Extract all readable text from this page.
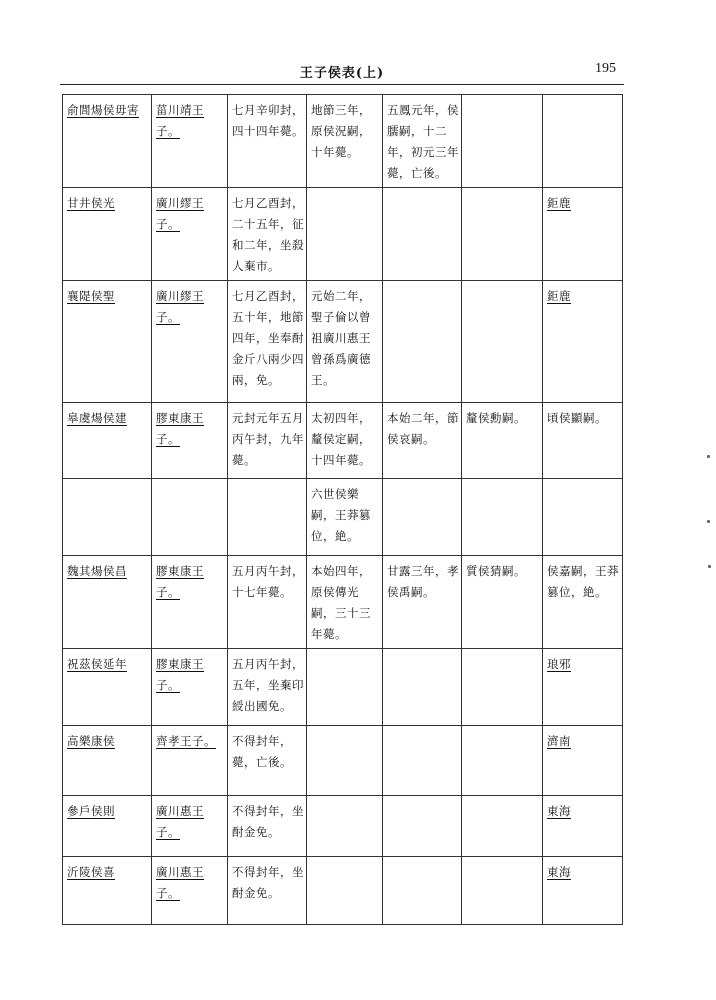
王子侯表(上)	195
俞閭煬侯毋害	菑川靖王子。	七月辛卯封，四十四年薨。	地節三年，原侯況嗣，十年薨。	五鳳元年，侯臑嗣，十二年，初元三年薨，亡後。		
甘井侯光	廣川繆王子。	七月乙酉封，二十五年，征和二年，坐殺人棄市。				鉅鹿
襄隄侯聖	廣川繆王子。	七月乙酉封，五十年，地節四年，坐奉酎金斤八兩少四兩，免。	元始二年，聖子倫以曾祖廣川惠王曾孫爲廣德王。			鉅鹿
皋虞煬侯建	膠東康王子。	元封元年五月丙午封，九年薨。	太初四年，釐侯定嗣，十四年薨。	本始二年，節侯哀嗣。	釐侯勳嗣。	頃侯顯嗣。
			六世侯樂嗣，王莽篡位，絶。			
魏其煬侯昌	膠東康王子。	五月丙午封，十七年薨。	本始四年，原侯傳光嗣，三十三年薨。	甘露三年，孝侯禹嗣。	質侯猜嗣。	侯嘉嗣，王莽篡位，絶。
祝茲侯延年	膠東康王子。	五月丙午封，五年，坐棄印綬出國免。				琅邪
高樂康侯	齊孝王子。	不得封年，薨，亡後。				濟南
參戶侯則	廣川惠王子。	不得封年，坐酎金免。				東海
沂陵侯喜	廣川惠王子。	不得封年，坐酎金免。				東海
